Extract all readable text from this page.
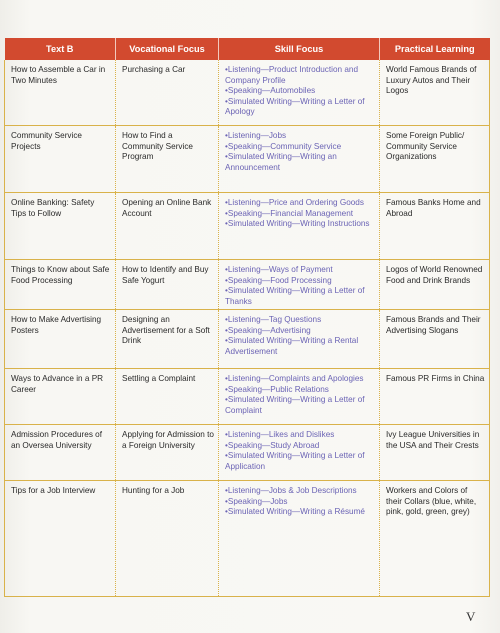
Text B	Vocational Focus	Skill Focus	Practical Learning
How to Assemble a Car in Two Minutes	Purchasing a Car	•Listening—Product Introduction and Company Profile
•Speaking—Automobiles
•Simulated Writing—Writing a Letter of Apology	World Famous Brands of Luxury Autos and Their Logos
Community Service Projects	How to Find a Community Service Program	•Listening—Jobs
•Speaking—Community Service
•Simulated Writing—Writing an Announcement	Some Foreign Public/ Community Service Organizations
Online Banking: Safety Tips to Follow	Opening an Online Bank Account	•Listening—Price and Ordering Goods
•Speaking—Financial Management
•Simulated Writing—Writing Instructions	Famous Banks Home and Abroad
Things to Know about Safe Food Processing	How to Identify and Buy Safe Yogurt	•Listening—Ways of Payment
•Speaking—Food Processing
•Simulated Writing—Writing a Letter of Thanks	Logos of World Renowned Food and Drink Brands
How to Make Advertising Posters	Designing an Advertisement for a Soft Drink	•Listening—Tag Questions
•Speaking—Advertising
•Simulated Writing—Writing a Rental Advertisement	Famous Brands and Their Advertising Slogans
Ways to Advance in a PR Career	Settling a Complaint	•Listening—Complaints and Apologies
•Speaking—Public Relations
•Simulated Writing—Writing a Letter of Complaint	Famous PR Firms in China
Admission Procedures of an Oversea University	Applying for Admission to a Foreign University	•Listening—Likes and Dislikes
•Speaking—Study Abroad
•Simulated Writing—Writing a Letter of Application	Ivy League Universities in the USA and Their Crests
Tips for a Job Interview	Hunting for a Job	•Listening—Jobs & Job Descriptions
•Speaking—Jobs
•Simulated Writing—Writing a Résumé	Workers and Colors of their Collars (blue, white, pink, gold, green, grey)
V
